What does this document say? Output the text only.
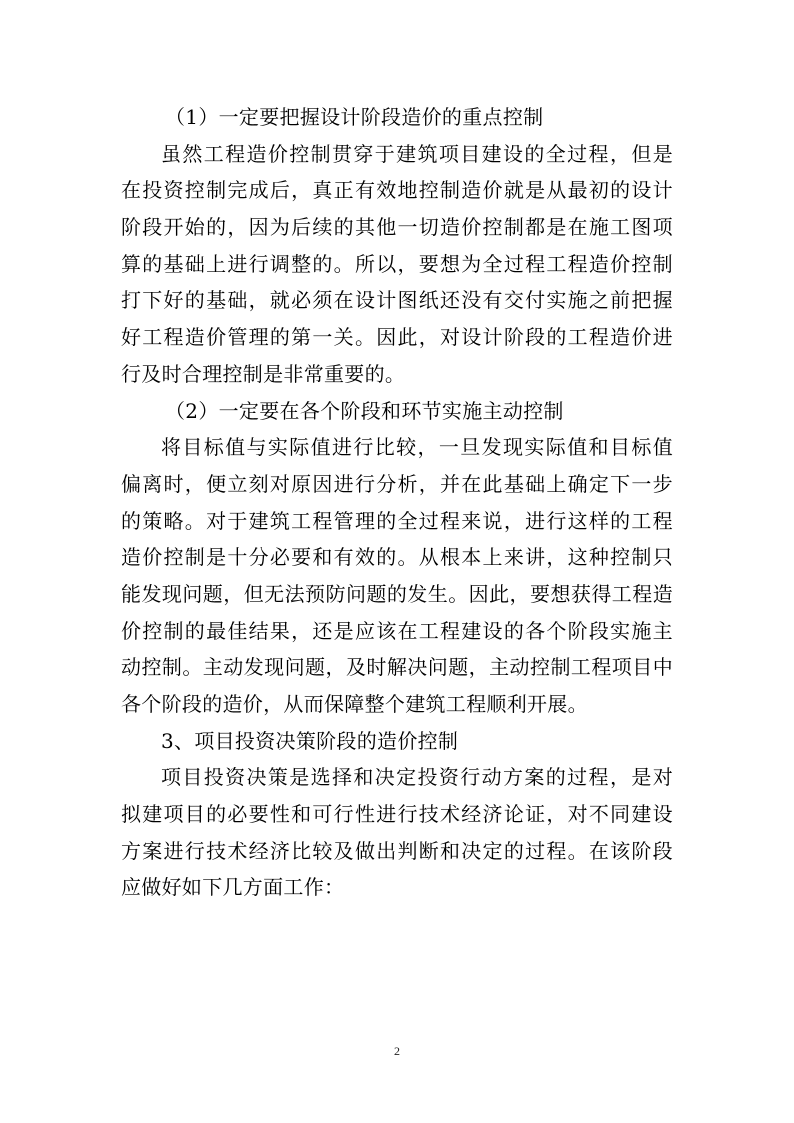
（1）一定要把握设计阶段造价的重点控制
虽然工程造价控制贯穿于建筑项目建设的全过程，但是
在投资控制完成后，真正有效地控制造价就是从最初的设计
阶段开始的，因为后续的其他一切造价控制都是在施工图项
算的基础上进行调整的。所以，要想为全过程工程造价控制
打下好的基础，就必须在设计图纸还没有交付实施之前把握
好工程造价管理的第一关。因此，对设计阶段的工程造价进
行及时合理控制是非常重要的。
（2）一定要在各个阶段和环节实施主动控制
将目标值与实际值进行比较，一旦发现实际值和目标值
偏离时，便立刻对原因进行分析，并在此基础上确定下一步
的策略。对于建筑工程管理的全过程来说，进行这样的工程
造价控制是十分必要和有效的。从根本上来讲，这种控制只
能发现问题，但无法预防问题的发生。因此，要想获得工程造
价控制的最佳结果，还是应该在工程建设的各个阶段实施主
动控制。主动发现问题，及时解决问题，主动控制工程项目中
各个阶段的造价，从而保障整个建筑工程顺利开展。
3、项目投资决策阶段的造价控制
项目投资决策是选择和决定投资行动方案的过程，是对
拟建项目的必要性和可行性进行技术经济论证，对不同建设
方案进行技术经济比较及做出判断和决定的过程。在该阶段
应做好如下几方面工作：
2
